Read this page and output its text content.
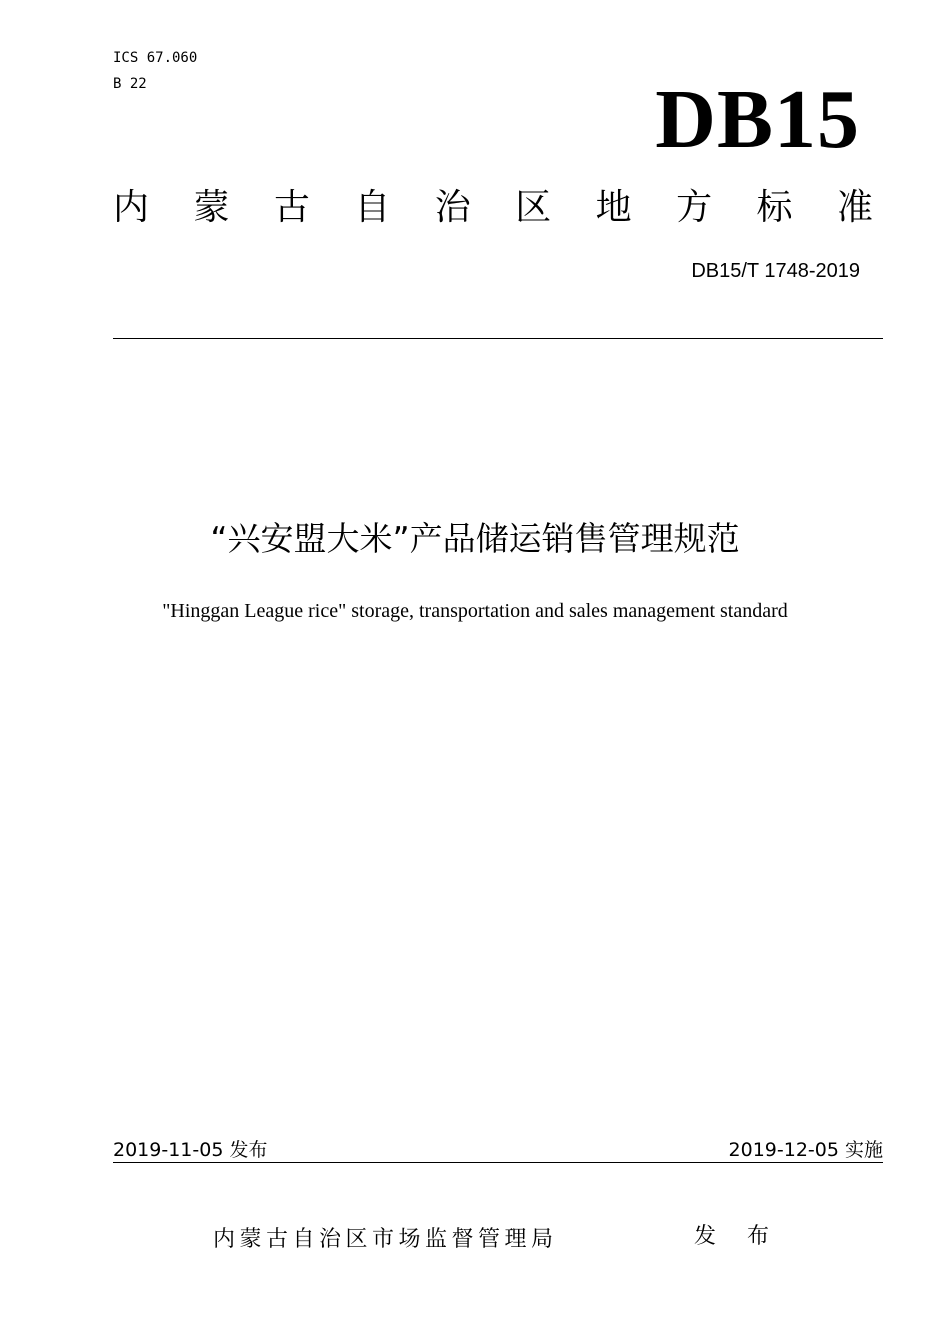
ICS 67.060
B 22	DB15
内蒙古自治区地方标准
DB15/T 1748-2019
“兴安盟大米”产品储运销售管理规范
"Hinggan League rice" storage, transportation and sales management standard
2019-11-05 发布	2019-12-05 实施
内蒙古自治区市场监督管理局	发 布
